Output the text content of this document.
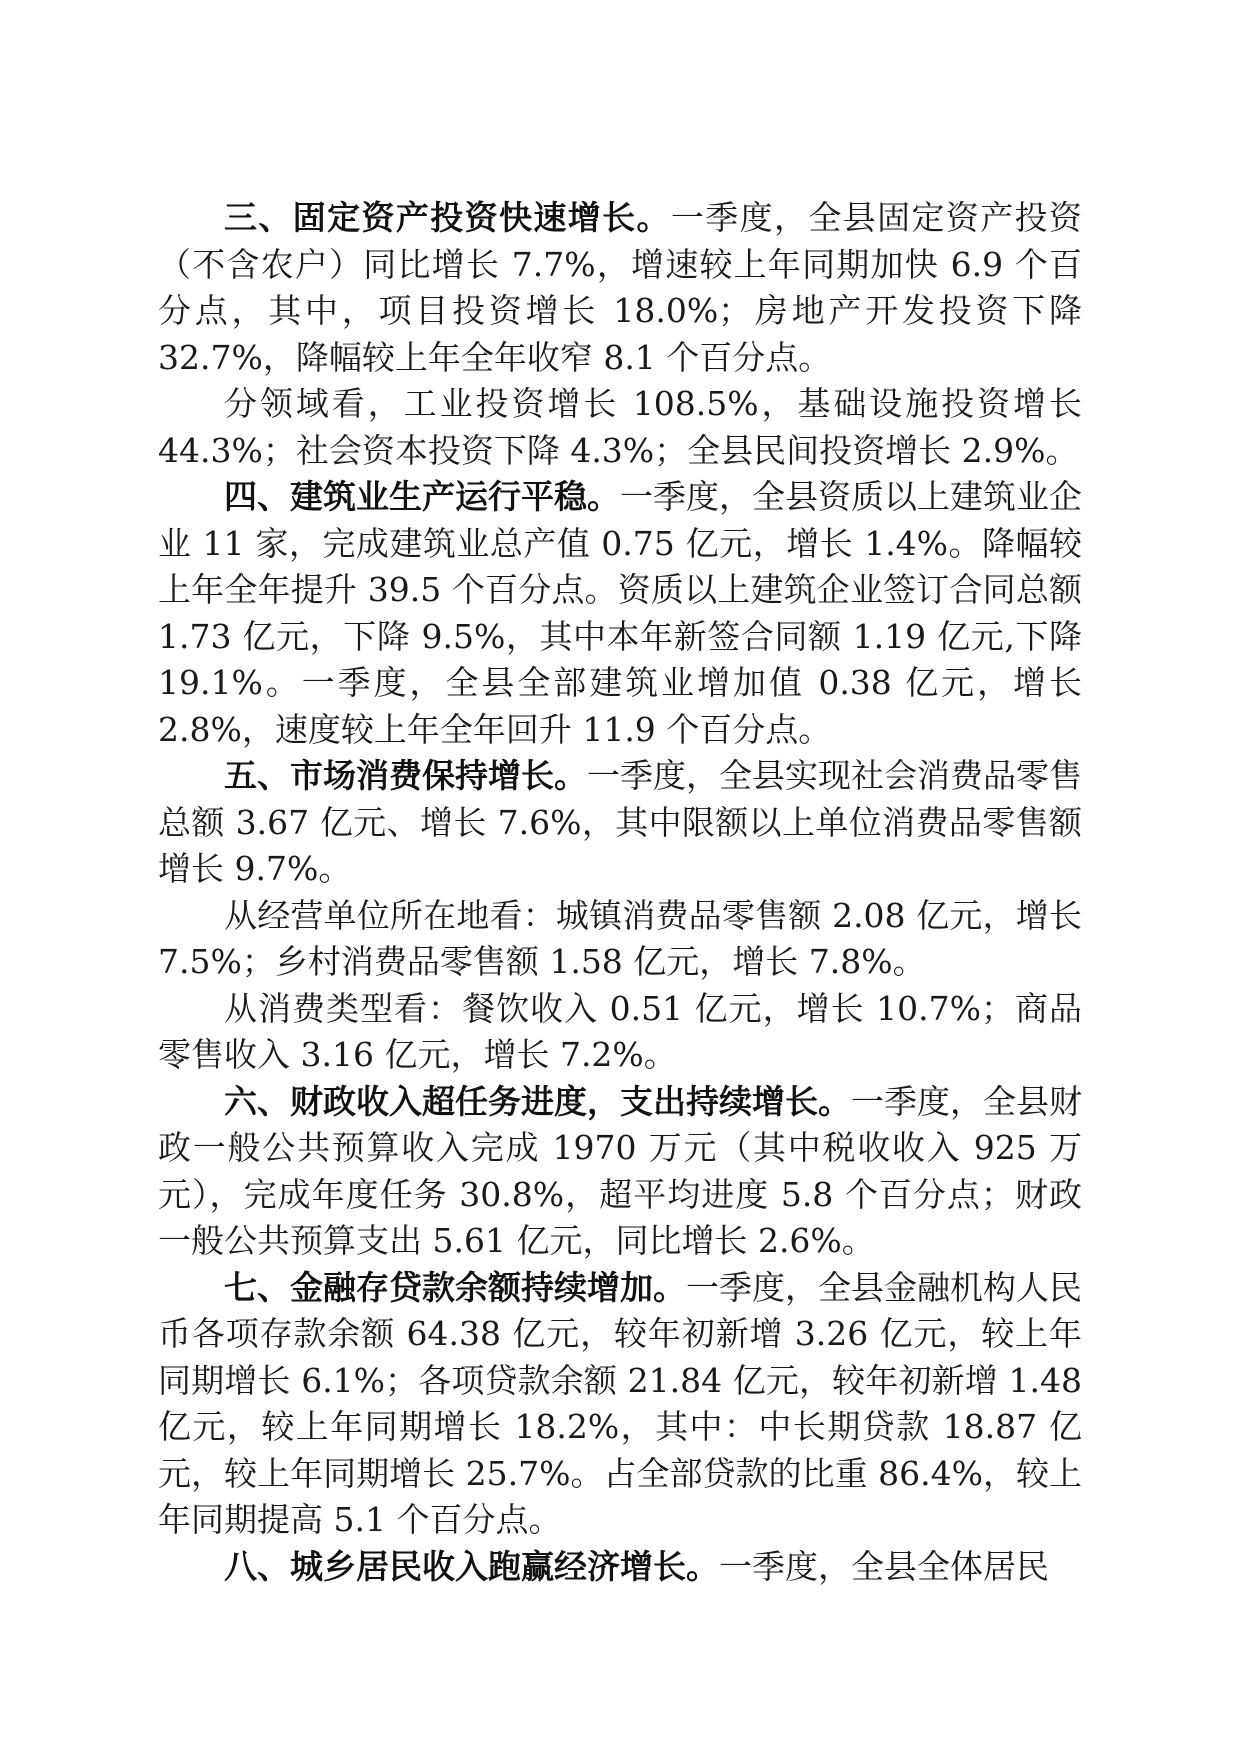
三、固定资产投资快速增长。一季度，全县固定资产投资（不含农户）同比增长 7.7%，增速较上年同期加快 6.9 个百分点，其中，项目投资增长 18.0%；房地产开发投资下降 32.7%，降幅较上年全年收窄 8.1 个百分点。

分领域看，工业投资增长 108.5%，基础设施投资增长 44.3%；社会资本投资下降 4.3%；全县民间投资增长 2.9%。

四、建筑业生产运行平稳。一季度，全县资质以上建筑业企业 11 家，完成建筑业总产值 0.75 亿元，增长 1.4%。降幅较上年全年提升 39.5 个百分点。资质以上建筑企业签订合同总额 1.73 亿元，下降 9.5%，其中本年新签合同额 1.19 亿元,下降 19.1%。一季度，全县全部建筑业增加值 0.38 亿元，增长 2.8%，速度较上年全年回升 11.9 个百分点。

五、市场消费保持增长。一季度，全县实现社会消费品零售总额 3.67 亿元、增长 7.6%，其中限额以上单位消费品零售额增长 9.7%。

从经营单位所在地看：城镇消费品零售额 2.08 亿元，增长 7.5%；乡村消费品零售额 1.58 亿元，增长 7.8%。

从消费类型看：餐饮收入 0.51 亿元，增长 10.7%；商品零售收入 3.16 亿元，增长 7.2%。

六、财政收入超任务进度，支出持续增长。一季度，全县财政一般公共预算收入完成 1970 万元（其中税收收入 925 万元），完成年度任务 30.8%，超平均进度 5.8 个百分点；财政一般公共预算支出 5.61 亿元，同比增长 2.6%。

七、金融存贷款余额持续增加。一季度，全县金融机构人民币各项存款余额 64.38 亿元，较年初新增 3.26 亿元，较上年同期增长 6.1%；各项贷款余额 21.84 亿元，较年初新增 1.48 亿元，较上年同期增长 18.2%，其中：中长期贷款 18.87 亿元，较上年同期增长 25.7%。占全部贷款的比重 86.4%，较上年同期提高 5.1 个百分点。

八、城乡居民收入跑赢经济增长。一季度，全县全体居民
